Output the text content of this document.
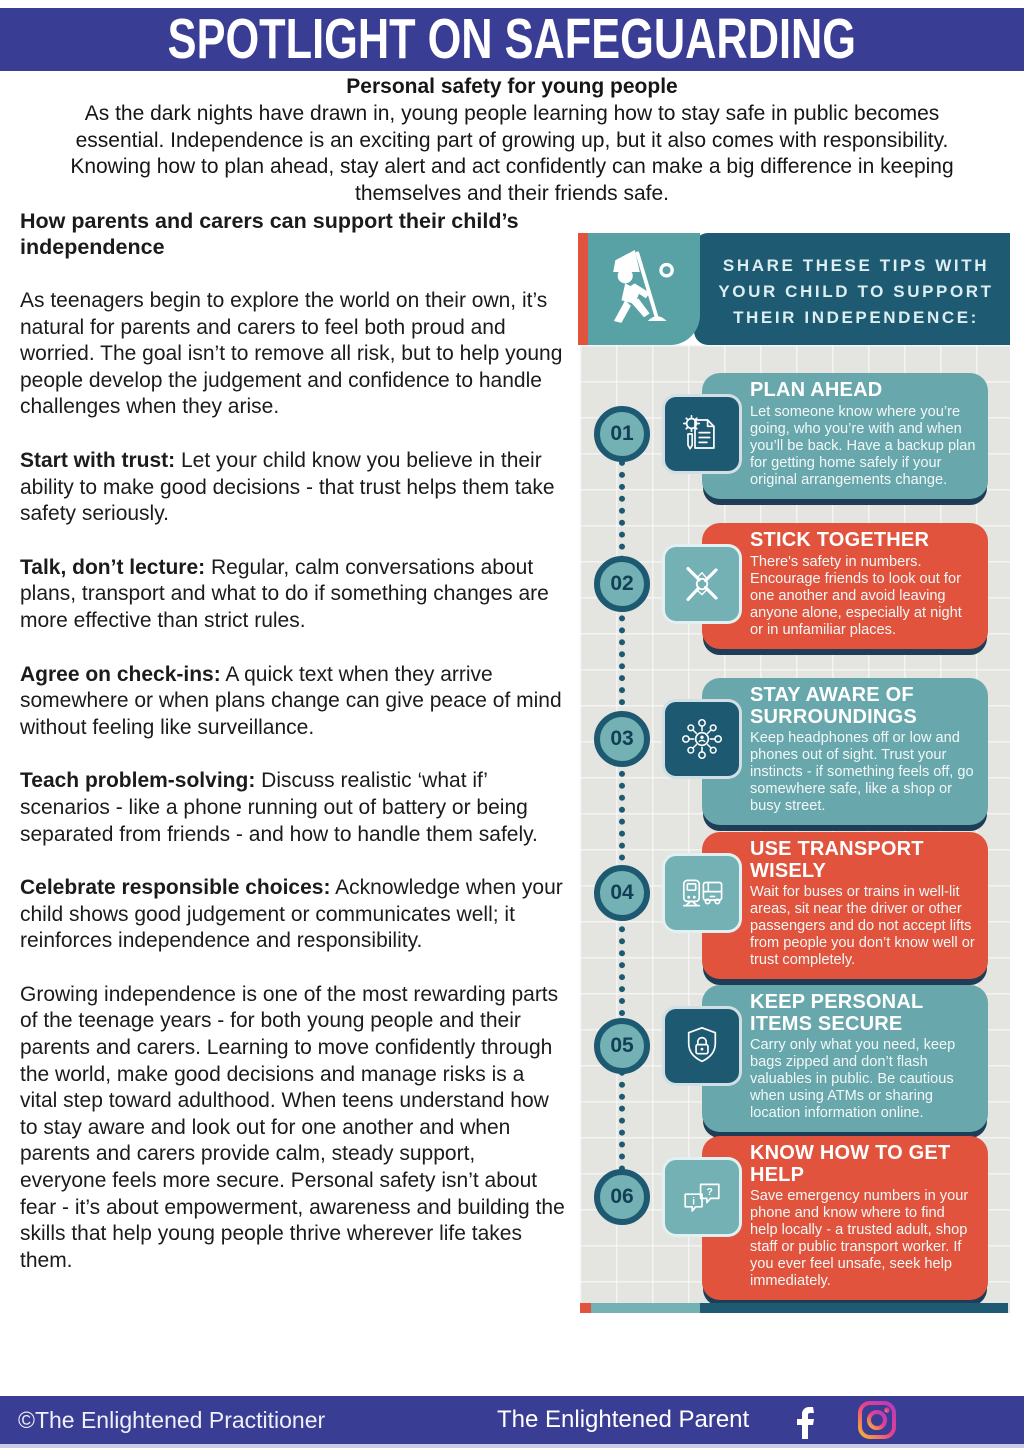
SPOTLIGHT ON SAFEGUARDING
Personal safety for young people

As the dark nights have drawn in, young people learning how to stay safe in public becomes essential. Independence is an exciting part of growing up, but it also comes with responsibility. Knowing how to plan ahead, stay alert and act confidently can make a big difference in keeping themselves and their friends safe.

How parents and carers can support their child’s independence

As teenagers begin to explore the world on their own, it’s natural for parents and carers to feel both proud and worried. The goal isn’t to remove all risk, but to help young people develop the judgement and confidence to handle challenges when they arise.

Start with trust: Let your child know you believe in their ability to make good decisions - that trust helps them take safety seriously.

Talk, don’t lecture: Regular, calm conversations about plans, transport and what to do if something changes are more effective than strict rules.

Agree on check-ins: A quick text when they arrive somewhere or when plans change can give peace of mind without feeling like surveillance.

Teach problem-solving: Discuss realistic ‘what if’ scenarios - like a phone running out of battery or being separated from friends - and how to handle them safely.

Celebrate responsible choices: Acknowledge when your child shows good judgement or communicates well; it reinforces independence and responsibility.

Growing independence is one of the most rewarding parts of the teenage years - for both young people and their parents and carers. Learning to move confidently through the world, make good decisions and manage risks is a vital step toward adulthood. When teens understand how to stay aware and look out for one another and when parents and carers provide calm, steady support, everyone feels more secure. Personal safety isn’t about fear - it’s about empowerment, awareness and building the skills that help young people thrive wherever life takes them.

SHARE THESE TIPS WITH YOUR CHILD TO SUPPORT THEIR INDEPENDENCE:

01
PLAN AHEAD

Let someone know where you’re going, who you’re with and when you’ll be back. Have a backup plan for getting home safely if your original arrangements change.

02
STICK TOGETHER

There's safety in numbers. Encourage friends to look out for one another and avoid leaving anyone alone, especially at night or in unfamiliar places.

03
STAY AWARE OF SURROUNDINGS

Keep headphones off or low and phones out of sight. Trust your instincts - if something feels off, go somewhere safe, like a shop or busy street.

04
USE TRANSPORT WISELY

Wait for buses or trains in well-lit areas, sit near the driver or other passengers and do not accept lifts from people you don’t know well or trust completely.

05
KEEP PERSONAL ITEMS SECURE

Carry only what you need, keep bags zipped and don’t flash valuables in public. Be cautious when using ATMs or sharing location information online.

06	?
i
KNOW HOW TO GET HELP

Save emergency numbers in your phone and know where to find help locally - a trusted adult, shop staff or public transport worker. If you ever feel unsafe, seek help immediately.

©The Enlightened Practitioner	The Enlightened Parent
